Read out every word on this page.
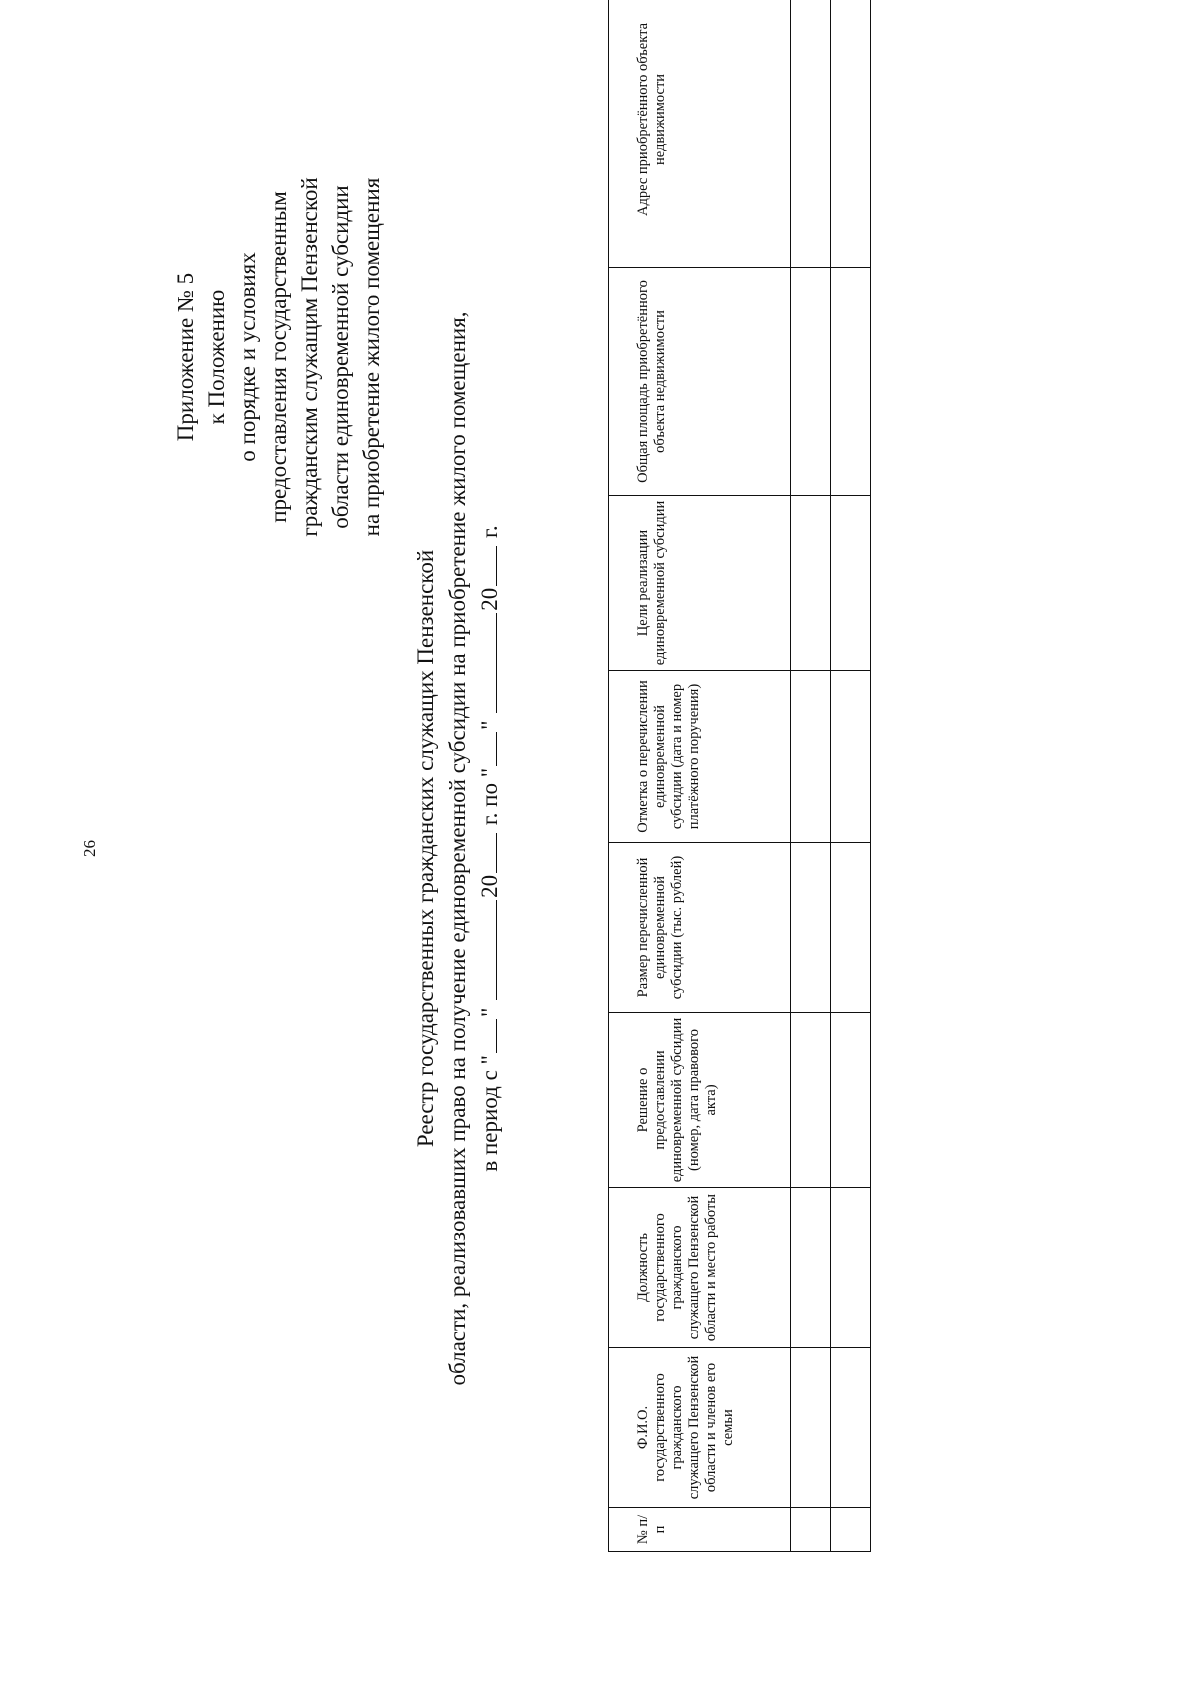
26
Приложение № 5 к Положению о порядке и условиях предоставления государственным гражданским служащим Пензенской области единовременной субсидии на приобретение жилого помещения
Реестр государственных гражданских служащих Пензенской области, реализовавших право на получение единовременной субсидии на приобретение жилого помещения, в период с "" 20 г. по "" 20 г.
№ п/п	Ф.И.О. государственного гражданского служащего Пензенской области и членов его семьи	Должность государственного гражданского служащего Пензенской области и место работы	Решение о предоставлении единовременной субсидии (номер, дата правового акта)	Размер перечисленной единовременной субсидии (тыс. рублей)	Отметка о перечислении единовременной субсидии (дата и номер платёжного поручения)	Цели реализации единовременной субсидии	Общая площадь приобретённого объекта недвижимости	Адрес приобретённого объекта недвижимости
